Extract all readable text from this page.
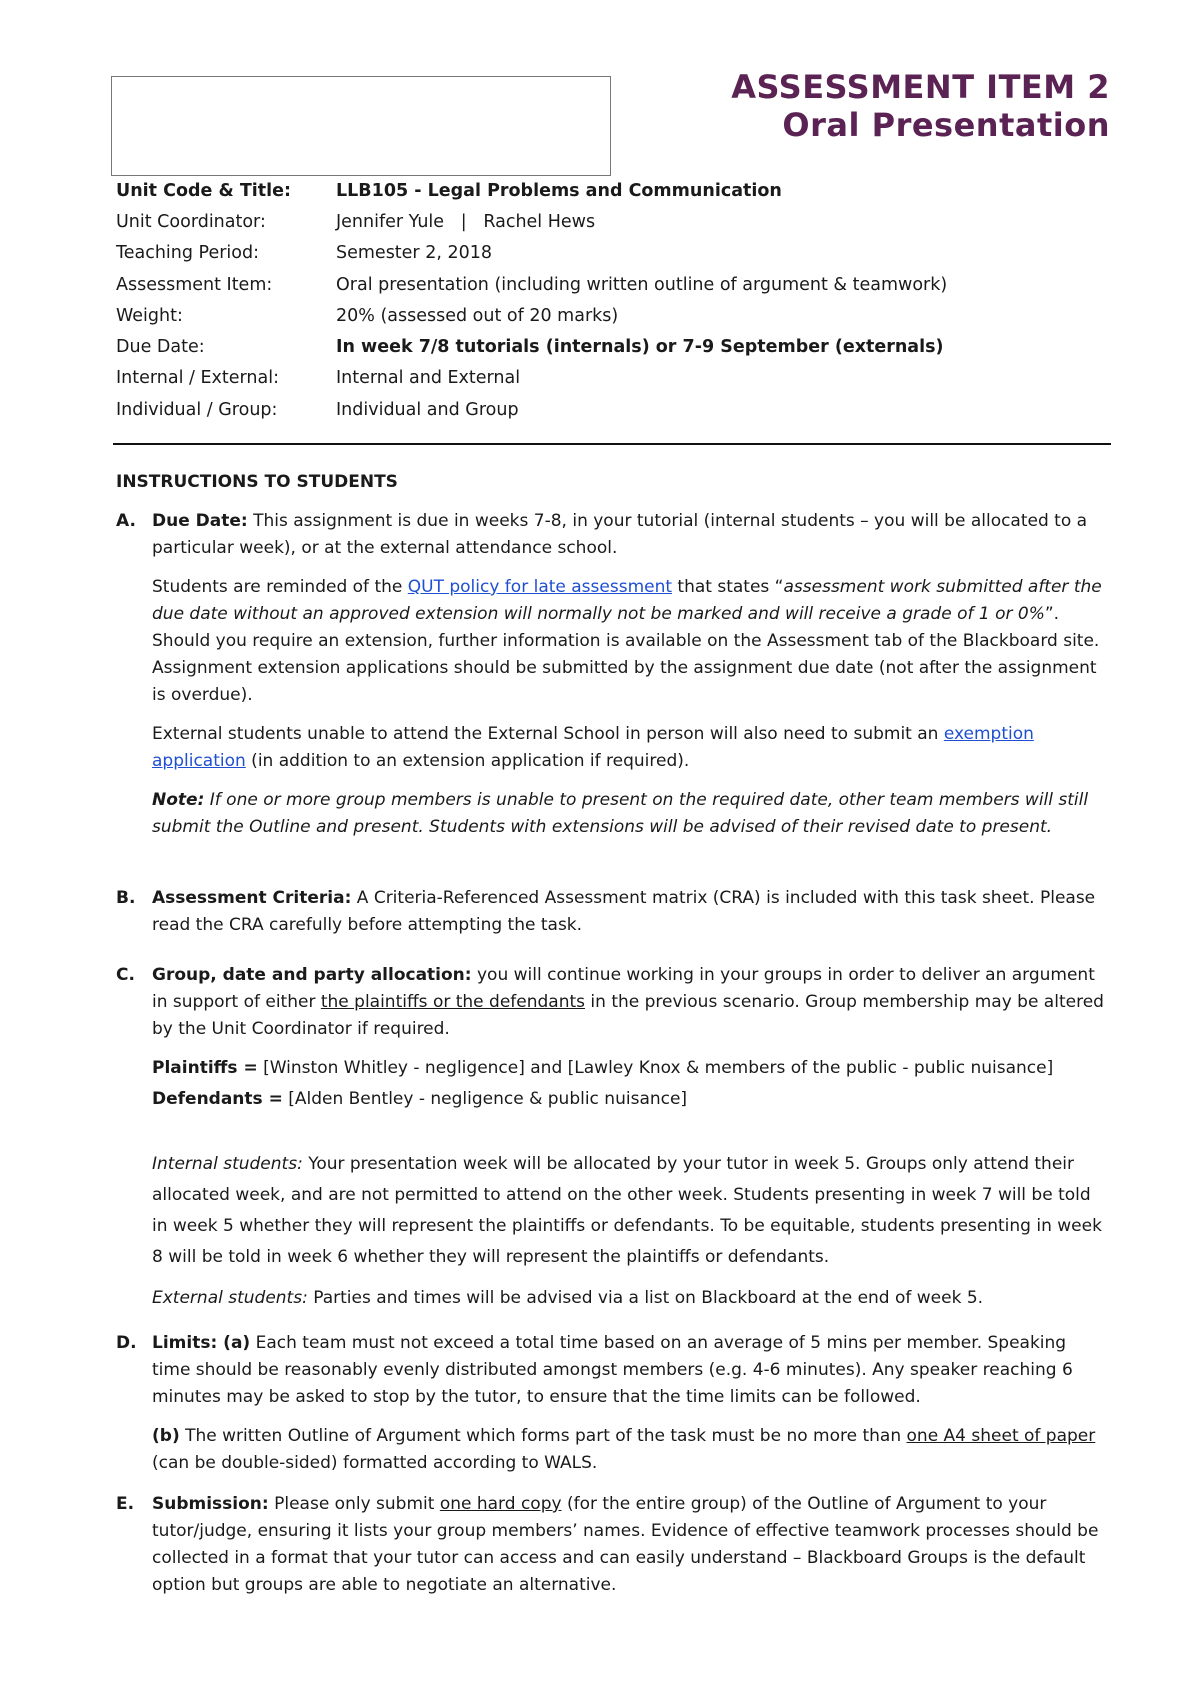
ASSESSMENT ITEM 2
Oral Presentation
Unit Code & Title:	LLB105 - Legal Problems and Communication
Unit Coordinator:	Jennifer Yule   |   Rachel Hews
Teaching Period:	Semester 2, 2018
Assessment Item:	Oral presentation (including written outline of argument & teamwork)
Weight:	20% (assessed out of 20 marks)
Due Date:	In week 7/8 tutorials (internals) or 7-9 September (externals)
Internal / External:	Internal and External
Individual / Group:	Individual and Group
INSTRUCTIONS TO STUDENTS
A. Due Date: This assignment is due in weeks 7-8, in your tutorial (internal students – you will be allocated to a particular week), or at the external attendance school.

Students are reminded of the QUT policy for late assessment that states “assessment work submitted after the due date without an approved extension will normally not be marked and will receive a grade of 1 or 0%”. Should you require an extension, further information is available on the Assessment tab of the Blackboard site. Assignment extension applications should be submitted by the assignment due date (not after the assignment is overdue).

External students unable to attend the External School in person will also need to submit an exemption application (in addition to an extension application if required).

Note: If one or more group members is unable to present on the required date, other team members will still submit the Outline and present. Students with extensions will be advised of their revised date to present.

B. Assessment Criteria: A Criteria-Referenced Assessment matrix (CRA) is included with this task sheet. Please read the CRA carefully before attempting the task.

C.	Group, date and party allocation: you will continue working in your groups in order to deliver an argument in support of either the plaintiffs or the defendants in the previous scenario. Group membership may be altered by the Unit Coordinator if required.

Plaintiffs = [Winston Whitley - negligence] and [Lawley Knox & members of the public - public nuisance]

Defendants = [Alden Bentley - negligence & public nuisance]

Internal students: Your presentation week will be allocated by your tutor in week 5. Groups only attend their allocated week, and are not permitted to attend on the other week. Students presenting in week 7 will be told in week 5 whether they will represent the plaintiffs or defendants. To be equitable, students presenting in week 8 will be told in week 6 whether they will represent the plaintiffs or defendants.

External students: Parties and times will be advised via a list on Blackboard at the end of week 5.

D. Limits: (a) Each team must not exceed a total time based on an average of 5 mins per member. Speaking time should be reasonably evenly distributed amongst members (e.g. 4-6 minutes). Any speaker reaching 6 minutes may be asked to stop by the tutor, to ensure that the time limits can be followed.

(b) The written Outline of Argument which forms part of the task must be no more than one A4 sheet of paper (can be double-sided) formatted according to WALS.

E.	Submission: Please only submit one hard copy (for the entire group) of the Outline of Argument to your tutor/judge, ensuring it lists your group members’ names. Evidence of effective teamwork processes should be collected in a format that your tutor can access and can easily understand – Blackboard Groups is the default option but groups are able to negotiate an alternative.
